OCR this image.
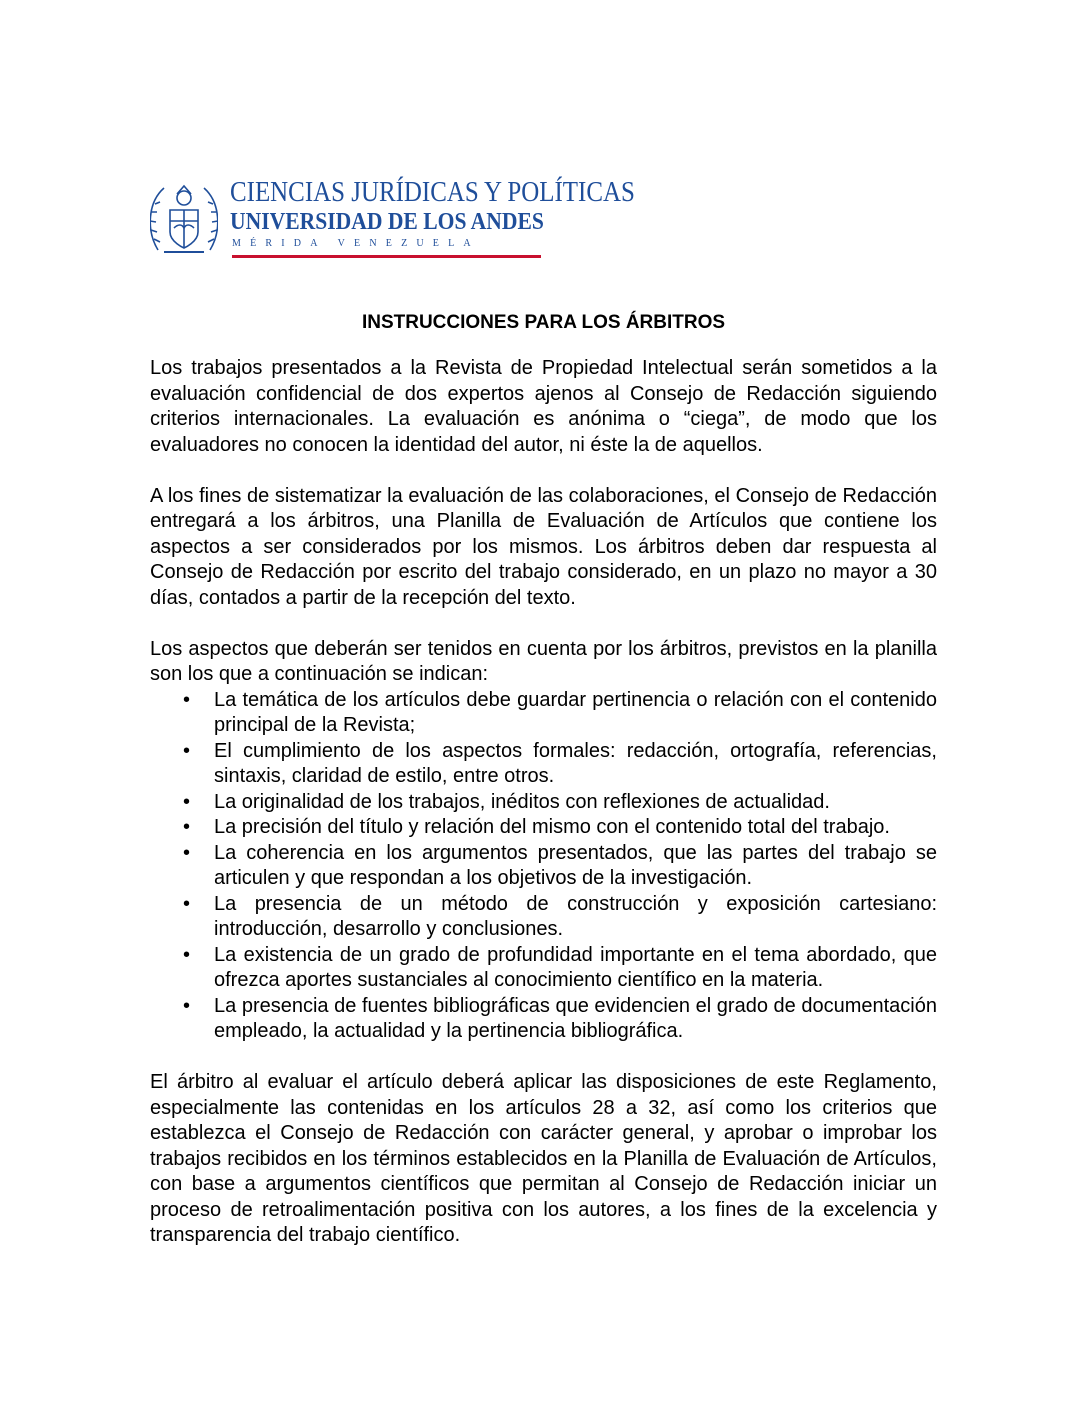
CIENCIAS JURÍDICAS Y POLÍTICAS
UNIVERSIDAD DE LOS ANDES
MÉRIDA VENEZUELA
INSTRUCCIONES PARA LOS ÁRBITROS

Los trabajos presentados a la Revista de Propiedad Intelectual serán sometidos a la evaluación confidencial de dos expertos ajenos al Consejo de Redacción siguiendo criterios internacionales. La evaluación es anónima o “ciega”, de modo que los evaluadores no conocen la identidad del autor, ni éste la de aquellos.

A los fines de sistematizar la evaluación de las colaboraciones, el Consejo de Redacción entregará a los árbitros, una Planilla de Evaluación de Artículos que contiene los aspectos a ser considerados por los mismos. Los árbitros deben dar respuesta al Consejo de Redacción por escrito del trabajo considerado, en un plazo no mayor a 30 días, contados a partir de la recepción del texto.

Los aspectos que deberán ser tenidos en cuenta por los árbitros, previstos en la planilla son los que a continuación se indican:

• La temática de los artículos debe guardar pertinencia o relación con el contenido principal de la Revista;
• El cumplimiento de los aspectos formales: redacción, ortografía, referencias, sintaxis, claridad de estilo, entre otros.
• La originalidad de los trabajos, inéditos con reflexiones de actualidad.
• La precisión del título y relación del mismo con el contenido total del trabajo.
• La coherencia en los argumentos presentados, que las partes del trabajo se articulen y que respondan a los objetivos de la investigación.
• La presencia de un método de construcción y exposición cartesiano: introducción, desarrollo y conclusiones.
• La existencia de un grado de profundidad importante en el tema abordado, que ofrezca aportes sustanciales al conocimiento científico en la materia.
• La presencia de fuentes bibliográficas que evidencien el grado de documentación empleado, la actualidad y la pertinencia bibliográfica.

El árbitro al evaluar el artículo deberá aplicar las disposiciones de este Reglamento, especialmente las contenidas en los artículos 28 a 32, así como los criterios que establezca el Consejo de Redacción con carácter general, y aprobar o improbar los trabajos recibidos en los términos establecidos en la Planilla de Evaluación de Artículos, con base a argumentos científicos que permitan al Consejo de Redacción iniciar un proceso de retroalimentación positiva con los autores, a los fines de la excelencia y transparencia del trabajo científico.
